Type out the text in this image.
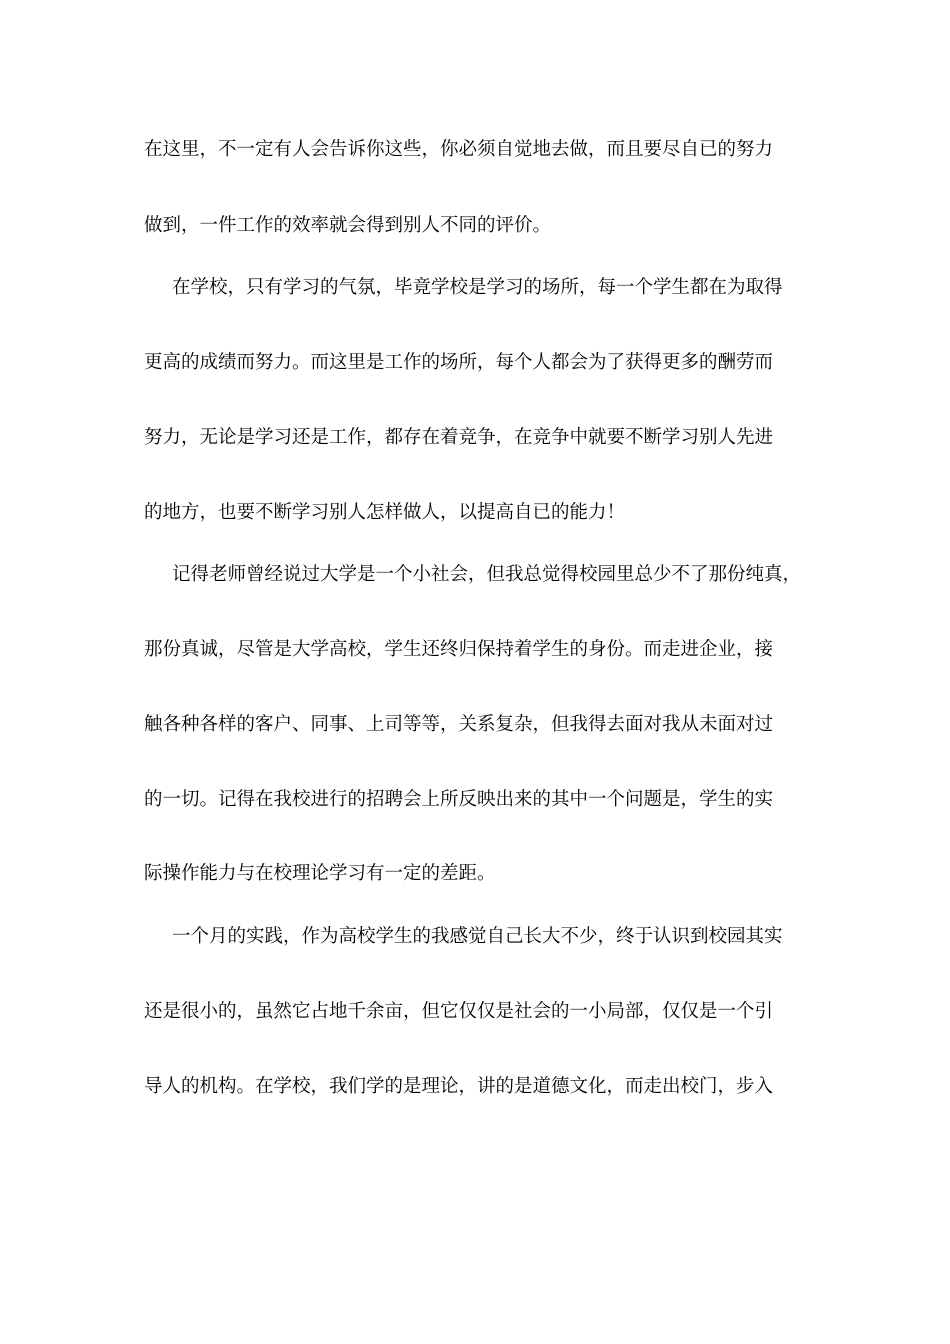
在这里，不一定有人会告诉你这些，你必须自觉地去做，而且要尽自已的努力
做到，一件工作的效率就会得到别人不同的评价。
在学校，只有学习的气氛，毕竟学校是学习的场所，每一个学生都在为取得
更高的成绩而努力。而这里是工作的场所，每个人都会为了获得更多的酬劳而
努力，无论是学习还是工作，都存在着竞争，在竞争中就要不断学习别人先进
的地方，也要不断学习别人怎样做人，以提高自已的能力！
记得老师曾经说过大学是一个小社会，但我总觉得校园里总少不了那份纯真，
那份真诚，尽管是大学高校，学生还终归保持着学生的身份。而走进企业，接
触各种各样的客户、同事、上司等等，关系复杂，但我得去面对我从未面对过
的一切。记得在我校进行的招聘会上所反映出来的其中一个问题是，学生的实
际操作能力与在校理论学习有一定的差距。
一个月的实践，作为高校学生的我感觉自己长大不少，终于认识到校园其实
还是很小的，虽然它占地千余亩，但它仅仅是社会的一小局部，仅仅是一个引
导人的机构。在学校，我们学的是理论，讲的是道德文化，而走出校门，步入
